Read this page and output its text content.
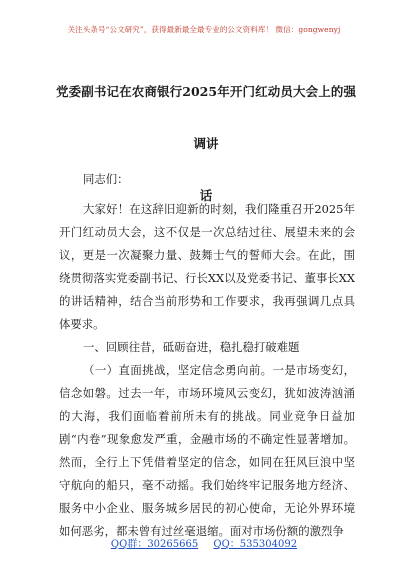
关注头条号“公文研究”，获得最新最全最专业的公文资料库！ 微信：gongwenyj
党委副书记在农商银行2025年开门红动员大会上的强调讲
话

同志们：

大家好！在这辞旧迎新的时刻，我们隆重召开2025年开门红动员大会，这不仅是一次总结过往、展望未来的会议，更是一次凝聚力量、鼓舞士气的誓师大会。在此，围绕贯彻落实党委副书记、行长XX以及党委书记、董事长XX的讲话精神，结合当前形势和工作要求，我再强调几点具体要求。

一、回顾往昔，砥砺奋进，稳扎稳打破难题

（一）直面挑战，坚定信念勇向前。一是市场变幻，信念如磐。过去一年，市场环境风云变幻，犹如波涛汹涌的大海，我们面临着前所未有的挑战。同业竞争日益加剧“内卷”现象愈发严重，金融市场的不确定性显著增加。然而，全行上下凭借着坚定的信念，如同在狂风巨浪中坚守航向的船只，毫不动摇。我们始终牢记服务地方经济、服务中小企业、服务城乡居民的初心使命，无论外界环境如何恶劣，都未曾有过丝毫退缩。面对市场份额的激烈争

QQ群：30265665 QQ：535304092
